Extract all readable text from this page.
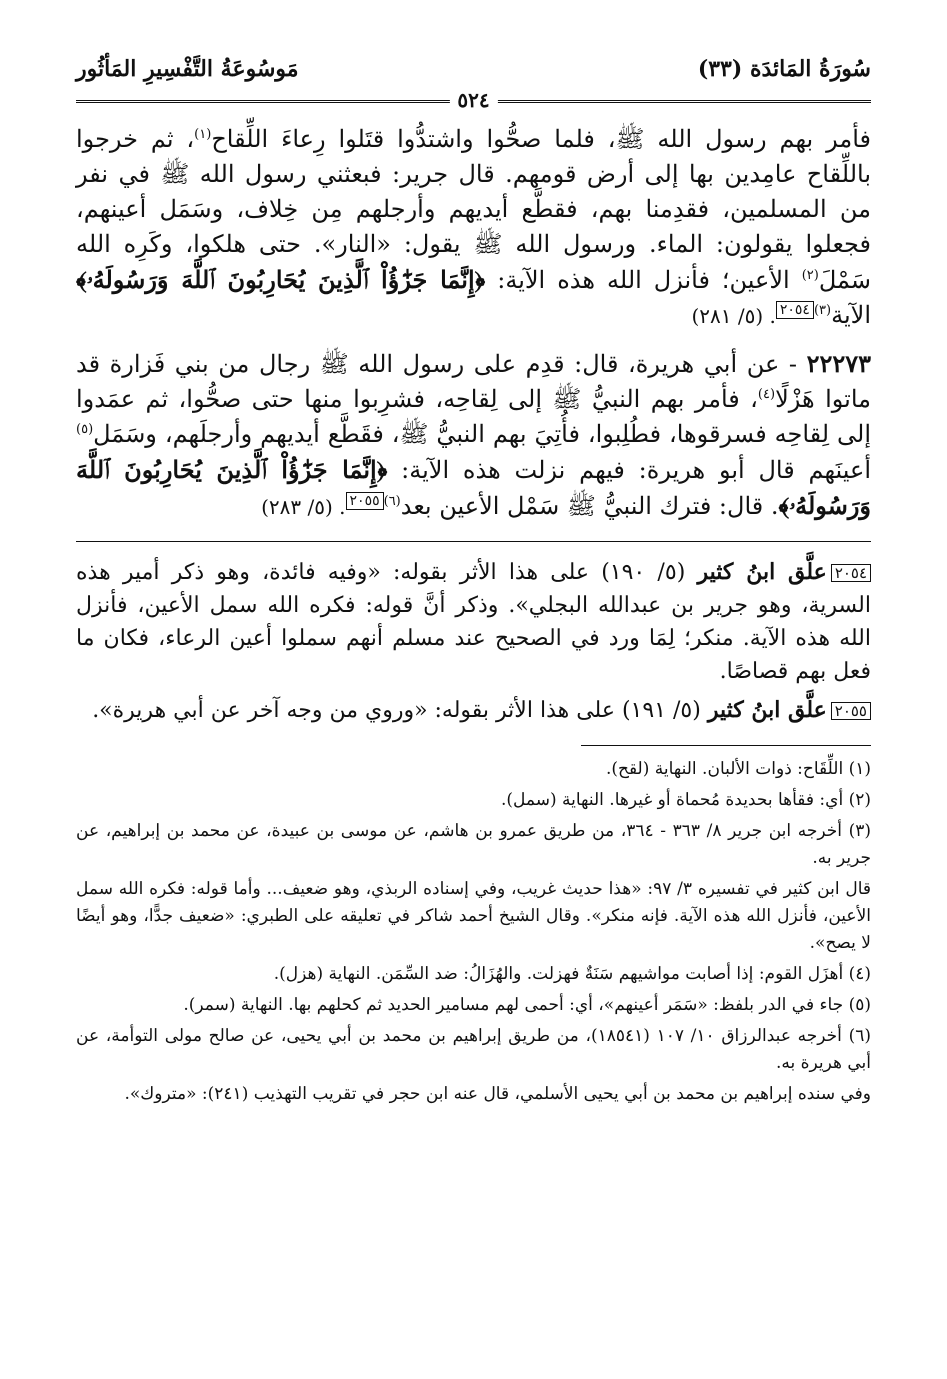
سُورَةُ المَائدَة (٣٣)
مَوسُوعَةُ التَّفْسِيرِ المَأثُور
٥٢٤

فأمر بهم رسول الله ﷺ، فلما صحُّوا واشتدُّوا قتَلوا رِعاءَ اللِّقاح$^{(١)}$، ثم خرجوا باللِّقاح عامِدين بها إلى أرض قومهم. قال جرير: فبعثني رسول الله ﷺ في نفر من المسلمين، فقدِمنا بهم، فقطَّع أيديهم وأرجلهم مِن خِلاف، وسَمَل أعينهم، فجعلوا يقولون: الماء. ورسول الله ﷺ يقول: «النار». حتى هلكوا، وكَرِه الله سَمْلَ$^{(٢)}$ الأعين؛ فأنزل الله هذه الآية: ﴿إِنَّمَا جَزَٰٓؤُاْ ٱلَّذِينَ يُحَارِبُونَ ٱللَّهَ وَرَسُولَهُۥ﴾ الآية$^{(٣)}$٢٠٥٤. (٥/ ٢٨١)

٢٢٢٧٣ - عن أبي هريرة، قال: قدِم على رسول الله ﷺ رجال من بني فَزارة قد ماتوا هَزْلًا$^{(٤)}$، فأمر بهم النبيُّ ﷺ إلى لِقاحِه، فشرِبوا منها حتى صحُّوا، ثم عمَدوا إلى لِقاحِه فسرقوها، فطُلِبوا، فأُتِيَ بهم النبيُّ ﷺ، فقَطَّع أيديهم وأرجلَهم، وسَمَل$^{(٥)}$ أعينَهم قال أبو هريرة: فيهم نزلت هذه الآية: ﴿إِنَّمَا جَزَٰٓؤُاْ ٱلَّذِينَ يُحَارِبُونَ ٱللَّهَ وَرَسُولَهُۥ﴾. قال: فترك النبيُّ ﷺ سَمْل الأعين بعد$^{(٦)}$٢٠٥٥. (٥/ ٢٨٣)

٢٠٥٤علَّق ابنُ كثير (٥/ ١٩٠) على هذا الأثر بقوله: «وفيه فائدة، وهو ذكر أمير هذه السرية، وهو جرير بن عبدالله البجلي». وذكر أنَّ قوله: فكره الله سمل الأعين، فأنزل الله هذه الآية. منكر؛ لِمَا ورد في الصحيح عند مسلم أنهم سملوا أعين الرعاء، فكان ما فعل بهم قصاصًا.

٢٠٥٥علَّق ابنُ كثير (٥/ ١٩١) على هذا الأثر بقوله: «وروي من وجه آخر عن أبي هريرة».

(١) اللِّقَاح: ذوات الألبان. النهاية (لقح).

(٢) أي: فقأها بحديدة مُحماة أو غيرها. النهاية (سمل).

(٣) أخرجه ابن جرير ٨/ ٣٦٣ - ٣٦٤، من طريق عمرو بن هاشم، عن موسى بن عبيدة، عن محمد بن إبراهيم، عن جرير به.

قال ابن كثير في تفسيره ٣/ ٩٧: «هذا حديث غريب، وفي إسناده الربذي، وهو ضعيف... وأما قوله: فكره الله سمل الأعين، فأنزل الله هذه الآية. فإنه منكر». وقال الشيخ أحمد شاكر في تعليقه على الطبري: «ضعيف جدًّا، وهو أيضًا لا يصح».

(٤) أهزَل القوم: إذا أصابت مواشيهم سَنَةٌ فهزلت. والهُزَالُ: ضد السِّمَن. النهاية (هزل).

(٥) جاء في الدر بلفظ: «سَمَر أعينهم»، أي: أحمى لهم مسامير الحديد ثم كحلهم بها. النهاية (سمر).

(٦) أخرجه عبدالرزاق ١٠/ ١٠٧ (١٨٥٤١)، من طريق إبراهيم بن محمد بن أبي يحيى، عن صالح مولى التوأمة، عن أبي هريرة به.

وفي سنده إبراهيم بن محمد بن أبي يحيى الأسلمي، قال عنه ابن حجر في تقريب التهذيب (٢٤١): «متروك».
